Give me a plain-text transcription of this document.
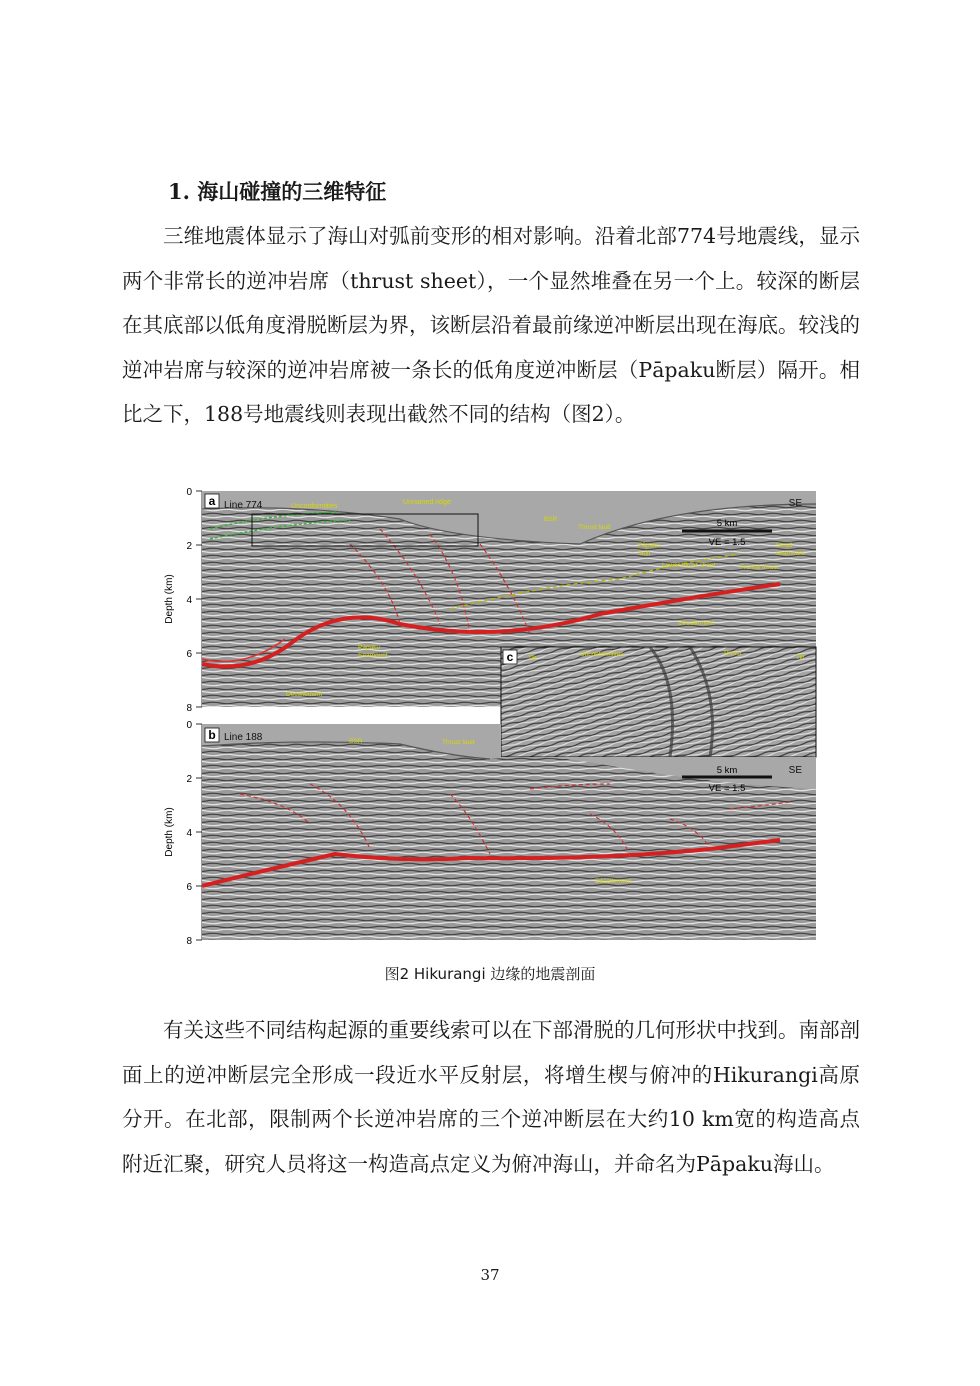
1. 海山碰撞的三维特征

三维地震体显示了海山对弧前变形的相对影响。沿着北部774号地震线，显示两个非常长的逆冲岩席（thrust sheet），一个显然堆叠在另一个上。较深的断层在其底部以低角度滑脱断层为界，该断层沿着最前缘逆冲断层出现在海底。较浅的逆冲岩席与较深的逆冲岩席被一条长的低角度逆冲断层（Pāpaku断层）隔开。相比之下，188号地震线则表现出截然不同的结构（图2）。

0
2
4
6
8
Depth (km)
a Line 774	SE
Unconformities
Unnamed ridge
BSR
Thrust fault
Pāpaku
fault
Lower thrust sheet	Frontal thrust
Small
seamount
Décollement
Pāpaku
Seamount
Décollement
5 km
VE = 1.5
c Tilt
Unconformities	Thrust
Tilt
0
2
4
6
8
Depth (km)
b Line 188
SE
BSR	Thrust fault
Décollement
5 km
VE = 1.5
图2 Hikurangi 边缘的地震剖面

有关这些不同结构起源的重要线索可以在下部滑脱的几何形状中找到。南部剖面上的逆冲断层完全形成一段近水平反射层，将增生楔与俯冲的Hikurangi高原分开。在北部，限制两个长逆冲岩席的三个逆冲断层在大约10 km宽的构造高点附近汇聚，研究人员将这一构造高点定义为俯冲海山，并命名为Pāpaku海山。

37
